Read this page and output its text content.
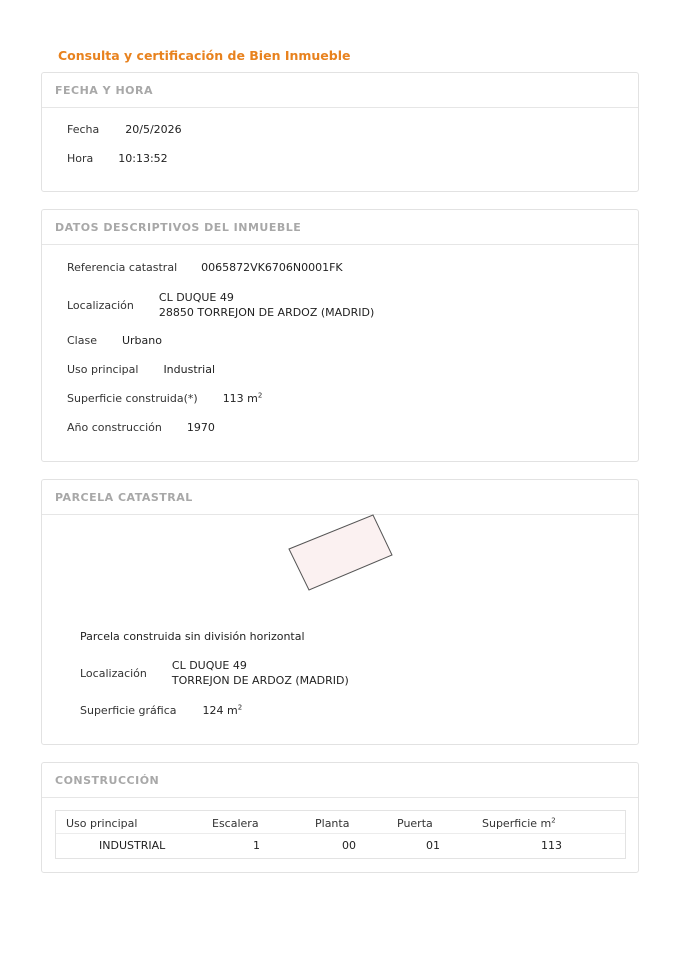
Consulta y certificación de Bien Inmueble
FECHA Y HORA
Fecha 20/5/2026
Hora 10:13:52
DATOS DESCRIPTIVOS DEL INMUEBLE
Referencia catastral 0065872VK6706N0001FK
Localización
CL DUQUE 49
28850 TORREJON DE ARDOZ (MADRID)
Clase Urbano
Uso principal Industrial
Superficie construida(*) 113 $m^2$
Año construcción 1970
PARCELA CATASTRAL
Parcela construida sin división horizontal
Localización
CL DUQUE 49
TORREJON DE ARDOZ (MADRID)
Superficie gráfica 124 $m^2$
CONSTRUCCIÓN
Uso principal	Escalera	Planta	Puerta	Superficie $m^2$
INDUSTRIAL	1	00	01	113
